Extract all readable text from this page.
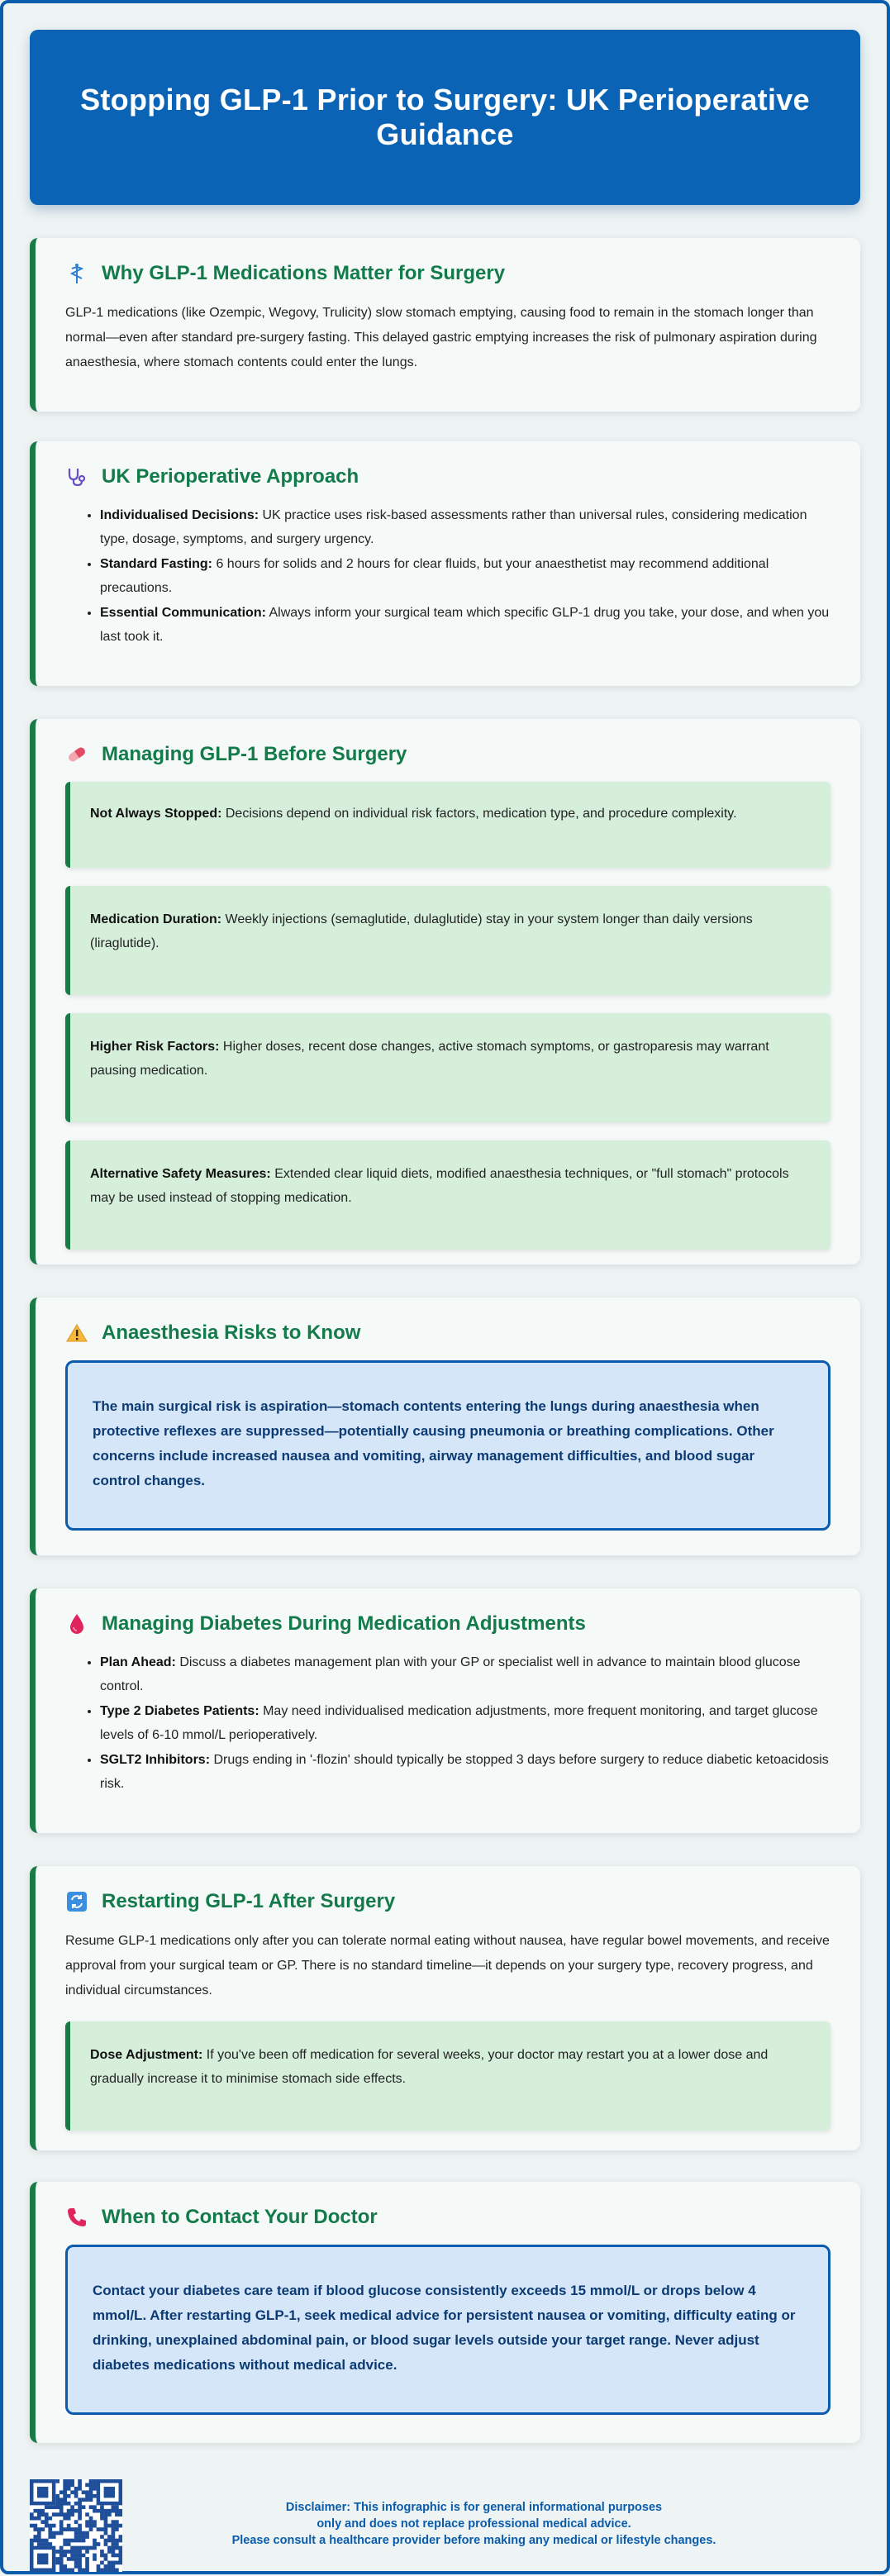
Stopping GLP-1 Prior to Surgery: UK Perioperative Guidance
Why GLP-1 Medications Matter for Surgery

GLP-1 medications (like Ozempic, Wegovy, Trulicity) slow stomach emptying, causing food to remain in the stomach longer than normal—even after standard pre-surgery fasting. This delayed gastric emptying increases the risk of pulmonary aspiration during anaesthesia, where stomach contents could enter the lungs.

UK Perioperative Approach
• Individualised Decisions: UK practice uses risk-based assessments rather than universal rules, considering medication type, dosage, symptoms, and surgery urgency.
• Standard Fasting: 6 hours for solids and 2 hours for clear fluids, but your anaesthetist may recommend additional precautions.
• Essential Communication: Always inform your surgical team which specific GLP-1 drug you take, your dose, and when you last took it.
Managing GLP-1 Before Surgery
Not Always Stopped: Decisions depend on individual risk factors, medication type, and procedure complexity.
Medication Duration: Weekly injections (semaglutide, dulaglutide) stay in your system longer than daily versions (liraglutide).
Higher Risk Factors: Higher doses, recent dose changes, active stomach symptoms, or gastroparesis may warrant pausing medication.
Alternative Safety Measures: Extended clear liquid diets, modified anaesthesia techniques, or "full stomach" protocols may be used instead of stopping medication.
Anaesthesia Risks to Know
The main surgical risk is aspiration—stomach contents entering the lungs during anaesthesia when protective reflexes are suppressed—potentially causing pneumonia or breathing complications. Other concerns include increased nausea and vomiting, airway management difficulties, and blood sugar control changes.
Managing Diabetes During Medication Adjustments
• Plan Ahead: Discuss a diabetes management plan with your GP or specialist well in advance to maintain blood glucose control.
• Type 2 Diabetes Patients: May need individualised medication adjustments, more frequent monitoring, and target glucose levels of 6-10 mmol/L perioperatively.
• SGLT2 Inhibitors: Drugs ending in '-flozin' should typically be stopped 3 days before surgery to reduce diabetic ketoacidosis risk.
Restarting GLP-1 After Surgery

Resume GLP-1 medications only after you can tolerate normal eating without nausea, have regular bowel movements, and receive approval from your surgical team or GP. There is no standard timeline—it depends on your surgery type, recovery progress, and individual circumstances.

Dose Adjustment: If you've been off medication for several weeks, your doctor may restart you at a lower dose and gradually increase it to minimise stomach side effects.
When to Contact Your Doctor
Contact your diabetes care team if blood glucose consistently exceeds 15 mmol/L or drops below 4 mmol/L. After restarting GLP-1, seek medical advice for persistent nausea or vomiting, difficulty eating or drinking, unexplained abdominal pain, or blood sugar levels outside your target range. Never adjust diabetes medications without medical advice.
Disclaimer: This infographic is for general informational purposes
only and does not replace professional medical advice.
Please consult a healthcare provider before making any medical or lifestyle changes.
